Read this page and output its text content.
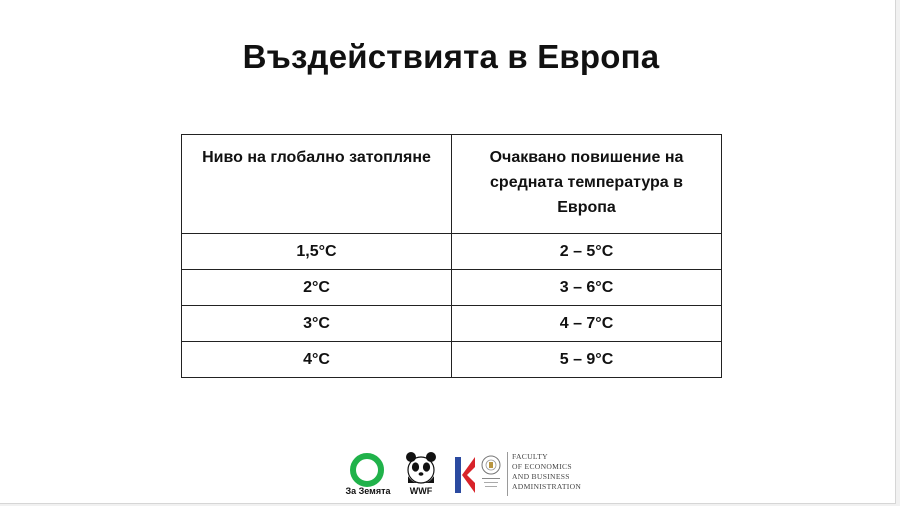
Въздействията в Европа
Ниво на глобално затопляне	Очаквано повишение на средната температура в Европа
1,5°C	2 – 5°C
2°C	3 – 6°C
3°C	4 – 7°C
4°C	5 – 9°C
За Земята	WWF
FACULTY
OF ECONOMICS
AND BUSINESS
ADMINISTRATION
